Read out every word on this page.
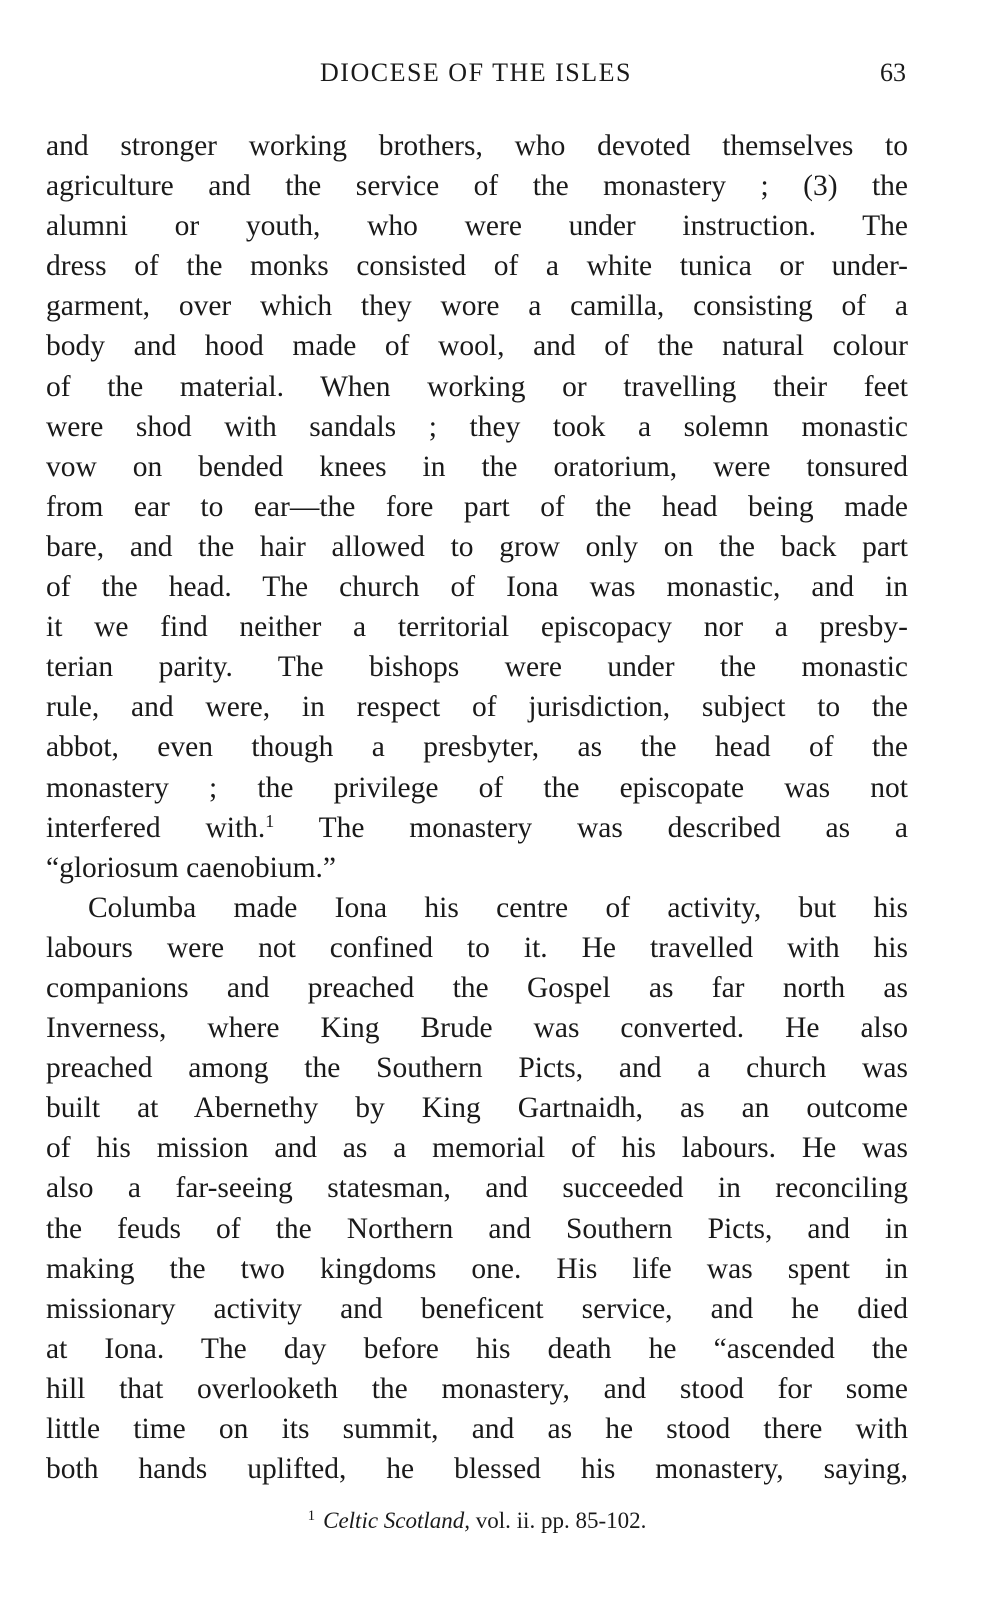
DIOCESE OF THE ISLES	63
and stronger working brothers, who devoted themselves to
agriculture and the service of the monastery ; (3) the
alumni or youth, who were under instruction. The
dress of the monks consisted of a white tunica or under-
garment, over which they wore a camilla, consisting of a
body and hood made of wool, and of the natural colour
of the material. When working or travelling their feet
were shod with sandals ; they took a solemn monastic
vow on bended knees in the oratorium, were tonsured
from ear to ear—the fore part of the head being made
bare, and the hair allowed to grow only on the back part
of the head. The church of Iona was monastic, and in
it we find neither a territorial episcopacy nor a presby-
terian parity. The bishops were under the monastic
rule, and were, in respect of jurisdiction, subject to the
abbot, even though a presbyter, as the head of the
monastery ; the privilege of the episcopate was not
interfered with.$^1$ The monastery was described as a
“gloriosum caenobium.”
Columba made Iona his centre of activity, but his
labours were not confined to it. He travelled with his
companions and preached the Gospel as far north as
Inverness, where King Brude was converted. He also
preached among the Southern Picts, and a church was
built at Abernethy by King Gartnaidh, as an outcome
of his mission and as a memorial of his labours. He was
also a far-seeing statesman, and succeeded in reconciling
the feuds of the Northern and Southern Picts, and in
making the two kingdoms one. His life was spent in
missionary activity and beneficent service, and he died
at Iona. The day before his death he “ascended the
hill that overlooketh the monastery, and stood for some
little time on its summit, and as he stood there with
both hands uplifted, he blessed his monastery, saying,
$^1$ Celtic Scotland, vol. ii. pp. 85-102.
